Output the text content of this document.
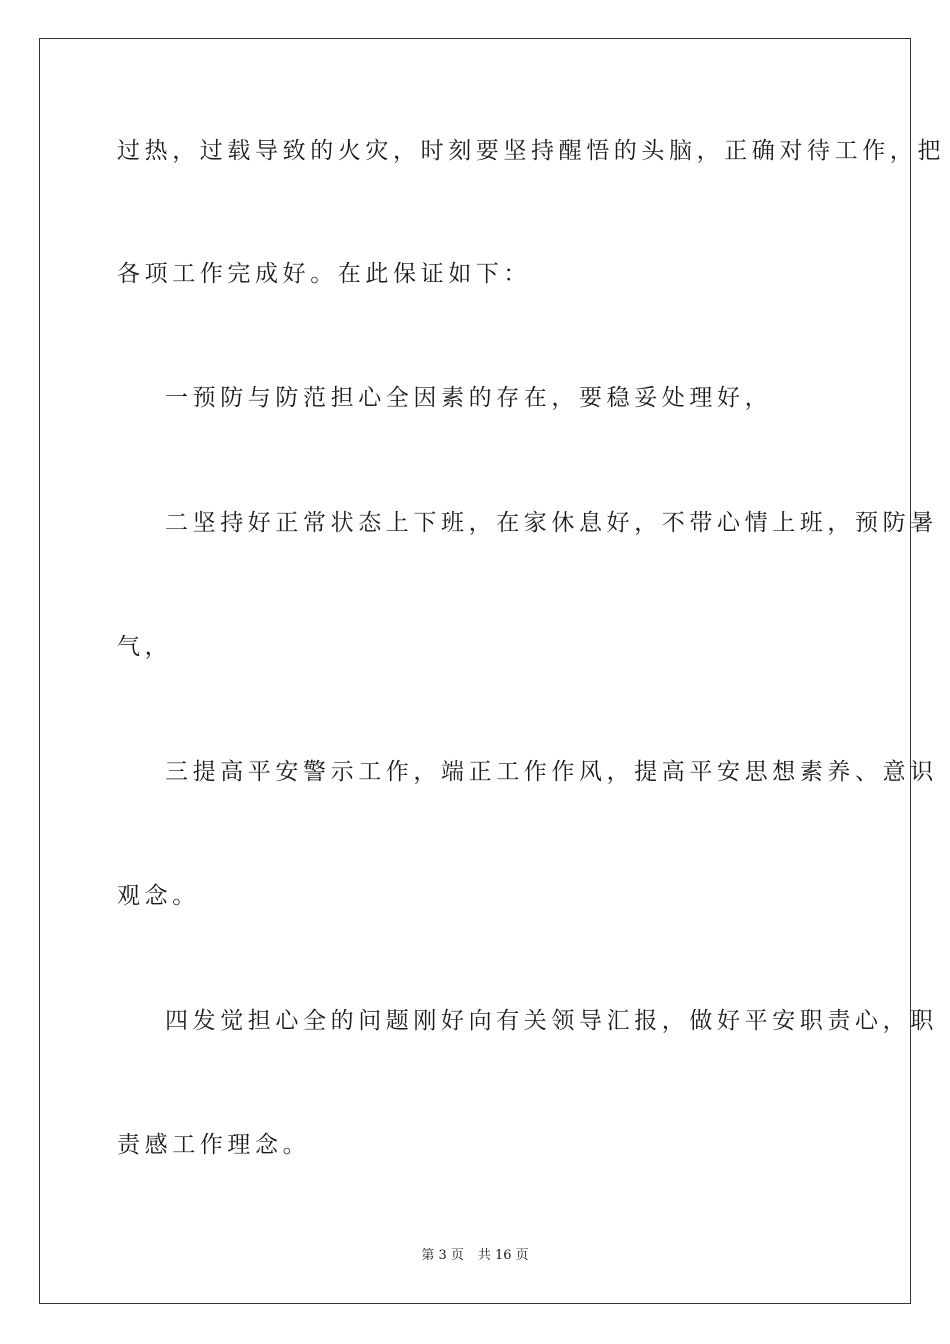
过热，过载导致的火灾，时刻要坚持醒悟的头脑，正确对待工作，把
各项工作完成好。在此保证如下：
一预防与防范担心全因素的存在，要稳妥处理好，
二坚持好正常状态上下班，在家休息好，不带心情上班，预防暑
气，
三提高平安警示工作，端正工作作风，提高平安思想素养、意识
观念。
四发觉担心全的问题刚好向有关领导汇报，做好平安职责心，职
责感工作理念。
第 3 页 共 16 页
